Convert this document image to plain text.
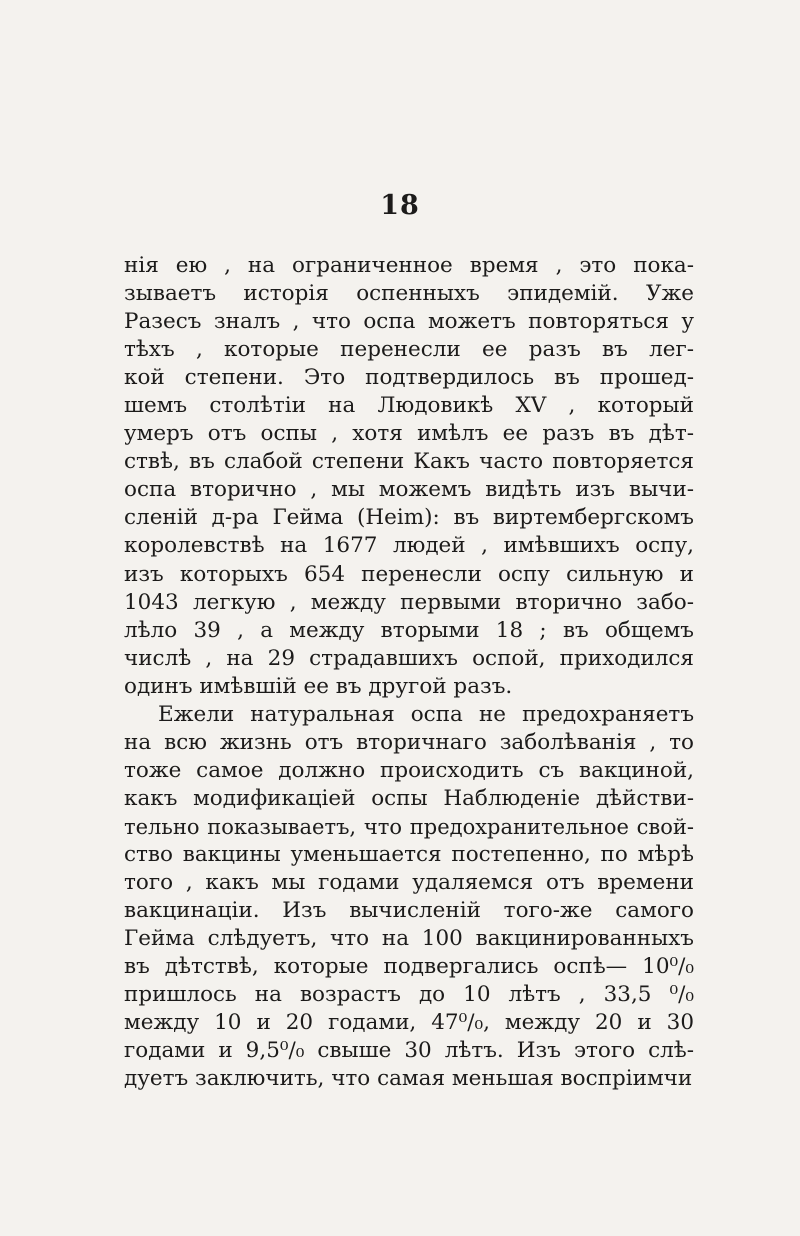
18
нія ею , на ограниченное время , это пока-
зываетъ исторія оспенныхъ эпидемій. Уже
Разесъ зналъ , что оспа можетъ повторяться у
тѣхъ , которые перенесли ее разъ въ лег-
кой степени. Это подтвердилось въ прошед-
шемъ столѣтіи на Людовикѣ XV , который
умеръ отъ оспы , хотя имѣлъ ее разъ въ дѣт-
ствѣ, въ слабой степени Какъ часто повторяется
оспа вторично , мы можемъ видѣть изъ вычи-
сленій д-ра Гейма (Heim): въ виртембергскомъ
королевствѣ на 1677 людей , имѣвшихъ оспу,
изъ которыхъ 654 перенесли оспу сильную и
1043 легкую , между первыми вторично забо-
лѣло 39 , а между вторыми 18 ; въ общемъ
числѣ , на 29 страдавшихъ оспой, приходился
одинъ имѣвшій ее въ другой разъ.
Ежели натуральная оспа не предохраняетъ
на всю жизнь отъ вторичнаго заболѣванія , то
тоже самое должно происходить съ вакциной,
какъ модификаціей оспы Наблюденіе дѣйстви-
тельно показываетъ, что предохранительное свой-
ство вакцины уменьшается постепенно, по мѣрѣ
того , какъ мы годами удаляемся отъ времени
вакцинаціи. Изъ вычисленій того-же самого
Гейма слѣдуетъ, что на 100 вакцинированныхъ
въ дѣтствѣ, которые подвергались оспѣ— 10⁰/₀
пришлось на возрастъ до 10 лѣтъ , 33,5 ⁰/₀
между 10 и 20 годами, 47⁰/₀, между 20 и 30
годами и 9,5⁰/₀ свыше 30 лѣтъ. Изъ этого слѣ-
дуетъ заключить, что самая меньшая воспріимчи
